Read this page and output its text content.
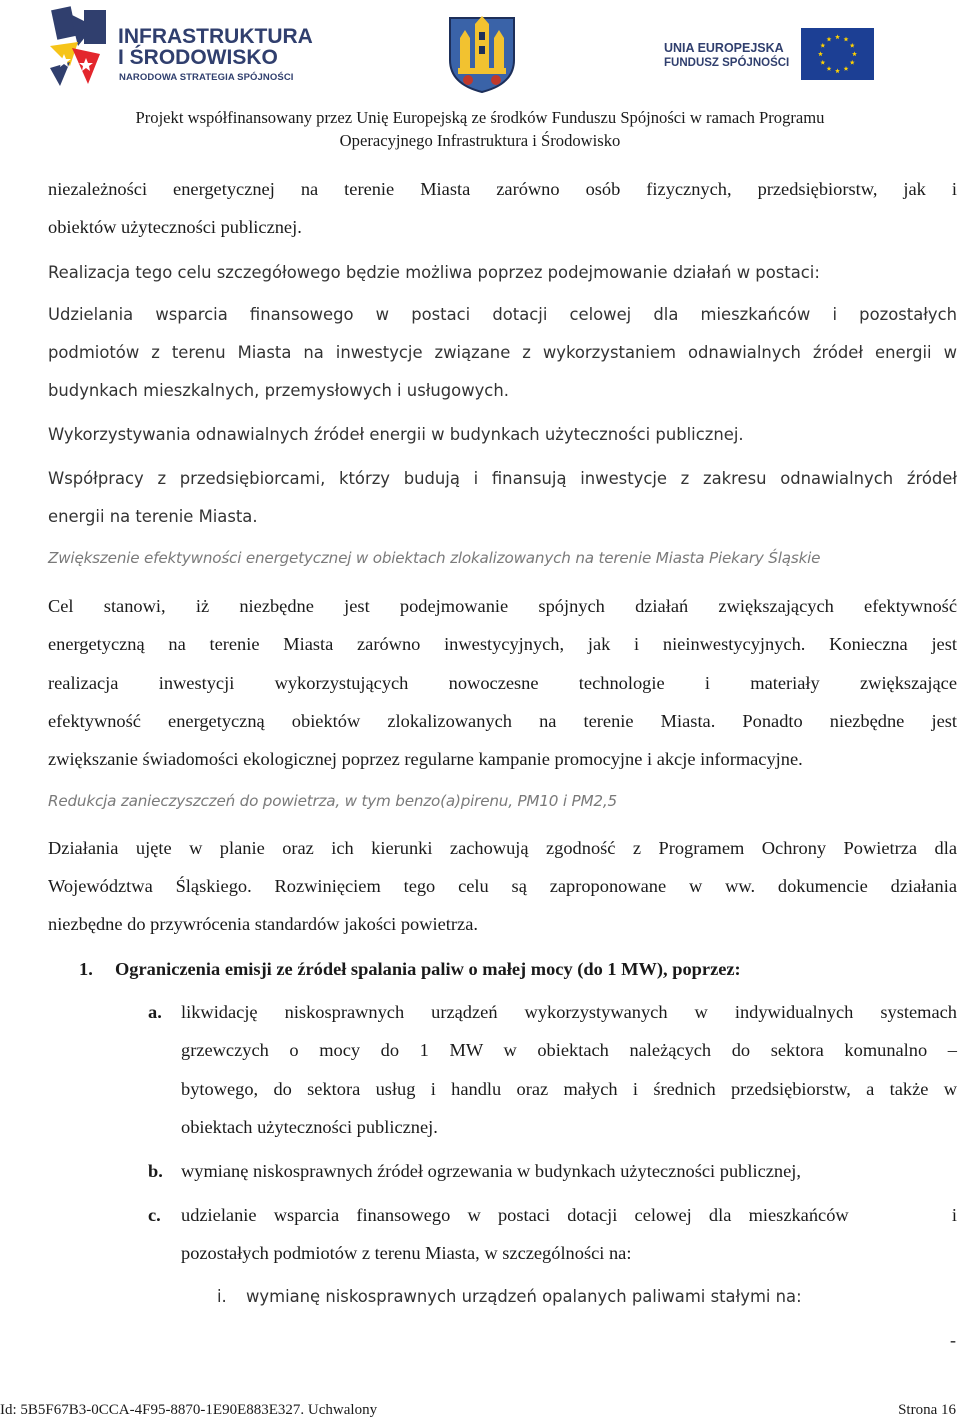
INFRASTRUKTURA
I ŚRODOWISKO
NARODOWA STRATEGIA SPÓJNOŚCI
UNIA EUROPEJSKA
FUNDUSZ SPÓJNOŚCI
Projekt współfinansowany przez Unię Europejską ze środków Funduszu Spójności w ramach Programu
Operacyjnego Infrastruktura i Środowisko
niezależności energetycznej na terenie Miasta zarówno osób fizycznych, przedsiębiorstw, jak i
obiektów użyteczności publicznej.
Realizacja tego celu szczegółowego będzie możliwa poprzez podejmowanie działań w postaci:
Udzielania wsparcia finansowego w postaci dotacji celowej dla mieszkańców i pozostałych
podmiotów z terenu Miasta na inwestycje związane z wykorzystaniem odnawialnych źródeł energii w
budynkach mieszkalnych, przemysłowych i usługowych.
Wykorzystywania odnawialnych źródeł energii w budynkach użyteczności publicznej.
Współpracy z przedsiębiorcami, którzy budują i finansują inwestycje z zakresu odnawialnych źródeł
energii na terenie Miasta.
Zwiększenie efektywności energetycznej w obiektach zlokalizowanych na terenie Miasta Piekary Śląskie
Cel stanowi, iż niezbędne jest podejmowanie spójnych działań zwiększających efektywność
energetyczną na terenie Miasta zarówno inwestycyjnych, jak i nieinwestycyjnych. Konieczna jest
realizacja inwestycji wykorzystujących nowoczesne technologie i materiały zwiększające
efektywność energetyczną obiektów zlokalizowanych na terenie Miasta. Ponadto niezbędne jest
zwiększanie świadomości ekologicznej poprzez regularne kampanie promocyjne i akcje informacyjne.
Redukcja zanieczyszczeń do powietrza, w tym benzo(a)pirenu, PM10 i PM2,5
Działania ujęte w planie oraz ich kierunki zachowują zgodność z Programem Ochrony Powietrza dla
Województwa Śląskiego. Rozwinięciem tego celu są zaproponowane w ww. dokumencie działania
niezbędne do przywrócenia standardów jakości powietrza.
1. Ograniczenia emisji ze źródeł spalania paliw o małej mocy (do 1 MW), poprzez:
a. likwidację niskosprawnych urządzeń wykorzystywanych w indywidualnych systemach
grzewczych o mocy do 1 MW w obiektach należących do sektora komunalno –
bytowego, do sektora usług i handlu oraz małych i średnich przedsiębiorstw, a także w
obiektach użyteczności publicznej.
b. wymianę niskosprawnych źródeł ogrzewania w budynkach użyteczności publicznej,
c. udzielanie wsparcia finansowego w postaci dotacji celowej dla mieszkańców      i
pozostałych podmiotów z terenu Miasta, w szczególności na:
i. wymianę niskosprawnych urządzeń opalanych paliwami stałymi na:
-
Id: 5B5F67B3-0CCA-4F95-8870-1E90E883E327. Uchwalony	Strona 16
